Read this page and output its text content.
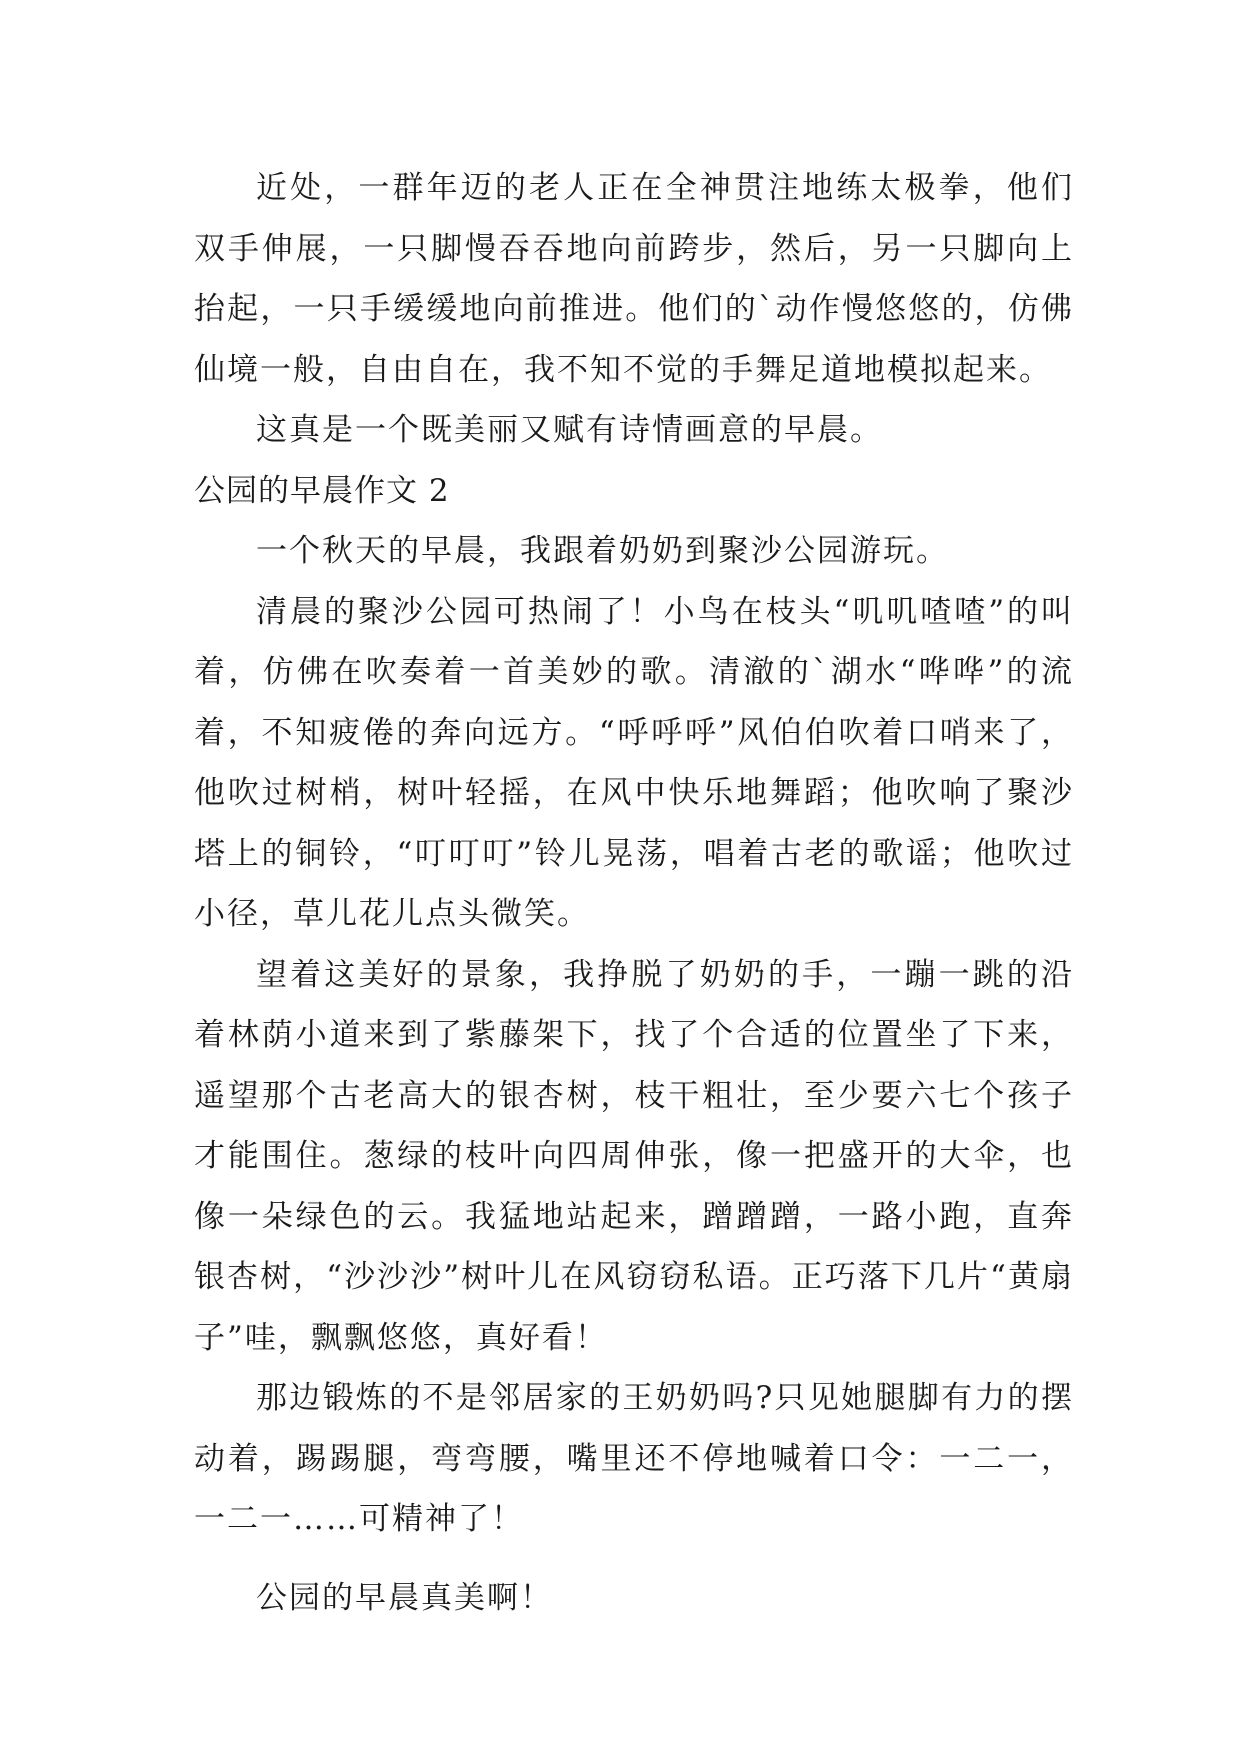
近处，一群年迈的老人正在全神贯注地练太极拳，他们双手伸展，一只脚慢吞吞地向前跨步，然后，另一只脚向上抬起，一只手缓缓地向前推进。他们的`动作慢悠悠的，仿佛仙境一般，自由自在，我不知不觉的手舞足道地模拟起来。

这真是一个既美丽又赋有诗情画意的早晨。

公园的早晨作文 2

一个秋天的早晨，我跟着奶奶到聚沙公园游玩。

清晨的聚沙公园可热闹了！小鸟在枝头“叽叽喳喳”的叫着，仿佛在吹奏着一首美妙的歌。清澈的`湖水“哗哗”的流着，不知疲倦的奔向远方。“呼呼呼”风伯伯吹着口哨来了，他吹过树梢，树叶轻摇，在风中快乐地舞蹈；他吹响了聚沙塔上的铜铃，“叮叮叮”铃儿晃荡，唱着古老的歌谣；他吹过小径，草儿花儿点头微笑。

望着这美好的景象，我挣脱了奶奶的手，一蹦一跳的沿着林荫小道来到了紫藤架下，找了个合适的位置坐了下来，遥望那个古老高大的银杏树，枝干粗壮，至少要六七个孩子才能围住。葱绿的枝叶向四周伸张，像一把盛开的大伞，也像一朵绿色的云。我猛地站起来，蹭蹭蹭，一路小跑，直奔银杏树，“沙沙沙”树叶儿在风窃窃私语。正巧落下几片“黄扇子”哇，飘飘悠悠，真好看！

那边锻炼的不是邻居家的王奶奶吗?只见她腿脚有力的摆动着，踢踢腿，弯弯腰，嘴里还不停地喊着口令：一二一，一二一……可精神了！

公园的早晨真美啊！
